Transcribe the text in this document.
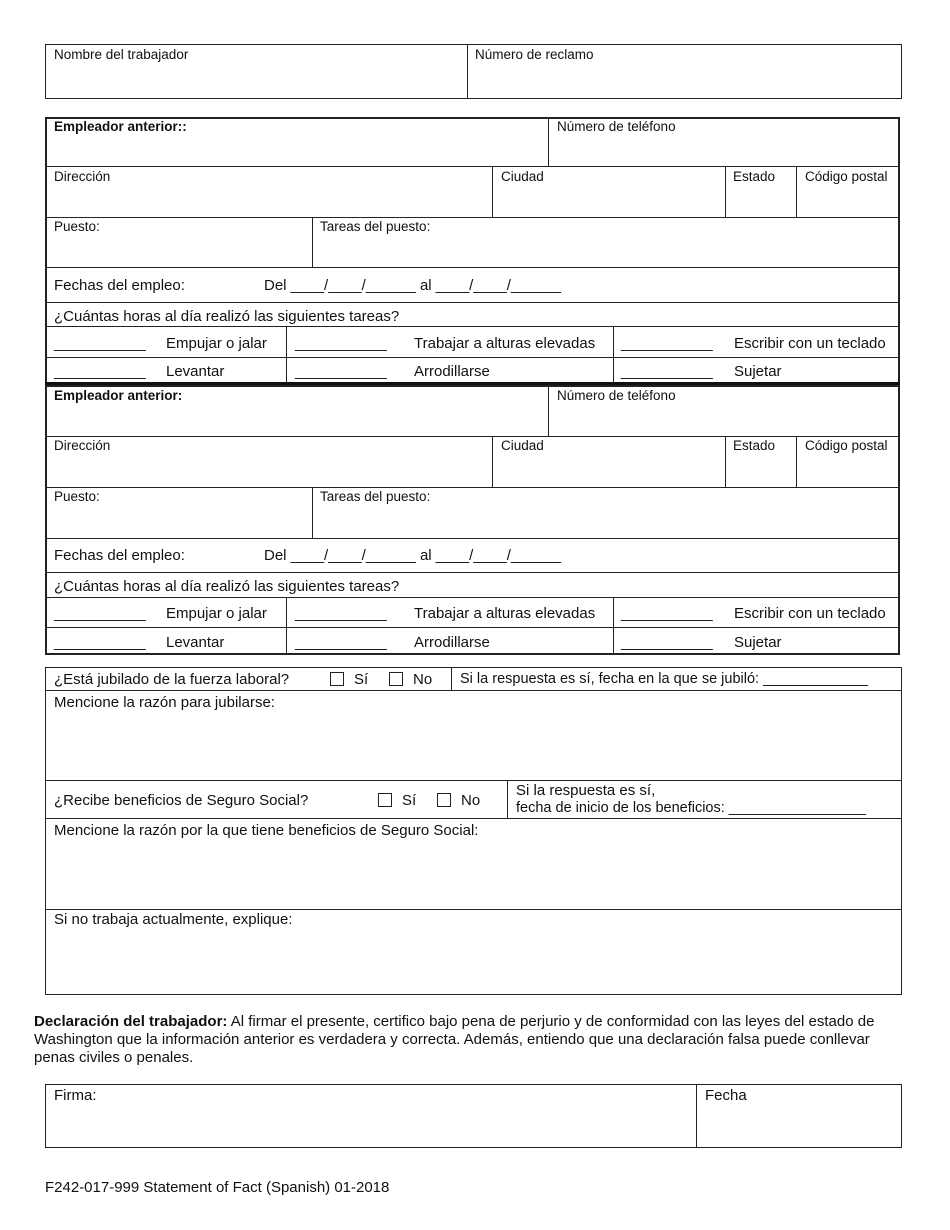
Nombre del trabajador	Número de reclamo
Empleador anterior::	Número de teléfono
Dirección	Ciudad	Estado Código postal
Puesto:	Tareas del puesto:
Fechas del empleo:	Del ____/____/______ al ____/____/______
¿Cuántas horas al día realizó las siguientes tareas?
___________ Empujar o jalar ___________ Trabajar a alturas elevadas ___________ Escribir con un teclado
___________ Levantar	___________ Arrodillarse	___________ Sujetar
Empleador anterior:	Número de teléfono
Dirección	Ciudad	Estado Código postal
Puesto:	Tareas del puesto:
Fechas del empleo:	Del ____/____/______ al ____/____/______
¿Cuántas horas al día realizó las siguientes tareas?
___________ Empujar o jalar ___________ Trabajar a alturas elevadas ___________ Escribir con un teclado
___________ Levantar	___________ Arrodillarse	___________ Sujetar
¿Está jubilado de la fuerza laboral?	Sí	No Si la respuesta es sí, fecha en la que se jubiló: _____________
Mencione la razón para jubilarse:
¿Recibe beneficios de Seguro Social?	Sí	No
Si la respuesta es sí,
fecha de inicio de los beneficios: _________________
Mencione la razón por la que tiene beneficios de Seguro Social:
Si no trabaja actualmente, explique:
Declaración del trabajador: Al firmar el presente, certifico bajo pena de perjurio y de conformidad con las leyes del estado de Washington que la información anterior es verdadera y correcta. Además, entiendo que una declaración falsa puede conllevar penas civiles o penales.
Firma:	Fecha
F242-017-999 Statement of Fact (Spanish) 01-2018
